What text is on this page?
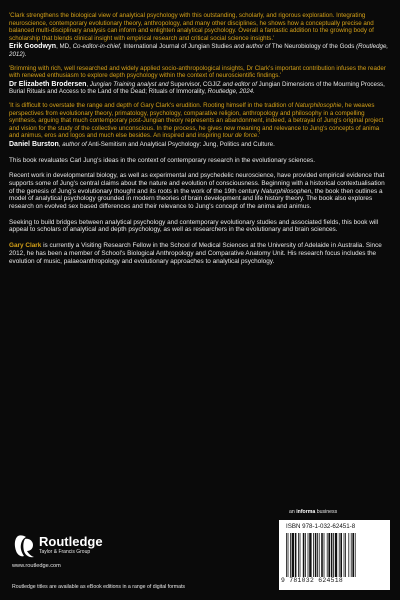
'Clark strengthens the biological view of analytical psychology with this outstanding, scholarly, and rigorous exploration. Integrating neuroscience, contemporary evolutionary theory, anthropology, and many other disciplines, he shows how a conceptually precise and balanced multi-disciplinary analysis can inform and enlighten analytical psychology. Overall a fantastic addition to the growing body of scholarship that blends clinical insight with empirical research and critical social science insights.'

Erik Goodwyn, MD, Co-editor-in-chief, International Journal of Jungian Studies and author of The Neurobiology of the Gods (Routledge, 2012).

'Brimming with rich, well researched and widely applied socio-anthropological insights, Dr Clark's important contribution infuses the reader with renewed enthusiasm to explore depth psychology within the context of neuroscientific findings.'

Dr Elizabeth Brodersen, Jungian Training analyst and Supervisor, CGJIZ and editor of Jungian Dimensions of the Mourning Process, Burial Rituals and Access to the Land of the Dead; Rituals of Immorality, Routledge, 2024.

'It is difficult to overstate the range and depth of Gary Clark's erudition. Rooting himself in the tradition of Naturphilosophie, he weaves perspectives from evolutionary theory, primatology, psychology, comparative religion, anthropology and philosophy in a compelling synthesis, arguing that much contemporary post-Jungian theory represents an abandonment, indeed, a betrayal of Jung's original project and vision for the study of the collective unconscious. In the process, he gives new meaning and relevance to Jung's concepts of anima and animus, eros and logos and much else besides. An inspired and inspiring tour de force.'

Daniel Burston, author of Anti-Semitism and Analytical Psychology: Jung, Politics and Culture.

This book revaluates Carl Jung's ideas in the context of contemporary research in the evolutionary sciences.

Recent work in developmental biology, as well as experimental and psychedelic neuroscience, have provided empirical evidence that supports some of Jung's central claims about the nature and evolution of consciousness. Beginning with a historical contextualisation of the genesis of Jung's evolutionary thought and its roots in the work of the 19th century Naturphilosophen, the book then outlines a model of analytical psychology grounded in modern theories of brain development and life history theory. The book also explores research on evolved sex based differences and their relevance to Jung's concept of the anima and animus.

Seeking to build bridges between analytical psychology and contemporary evolutionary studies and associated fields, this book will appeal to scholars of analytical and depth psychology, as well as researchers in the evolutionary and brain sciences.

Gary Clark is currently a Visiting Research Fellow in the School of Medical Sciences at the University of Adelaide in Australia. Since 2012, he has been a member of School's Biological Anthropology and Comparative Anatomy Unit. His research focus includes the evolution of music, palaeoanthropology and evolutionary approaches to analytical psychology.

Routledge
Taylor & Francis Group
www.routledge.com
Routledge titles are available as eBook editions in a range of digital formats
an informa business
ISBN 978-1-032-62451-8
9 781032 624518
